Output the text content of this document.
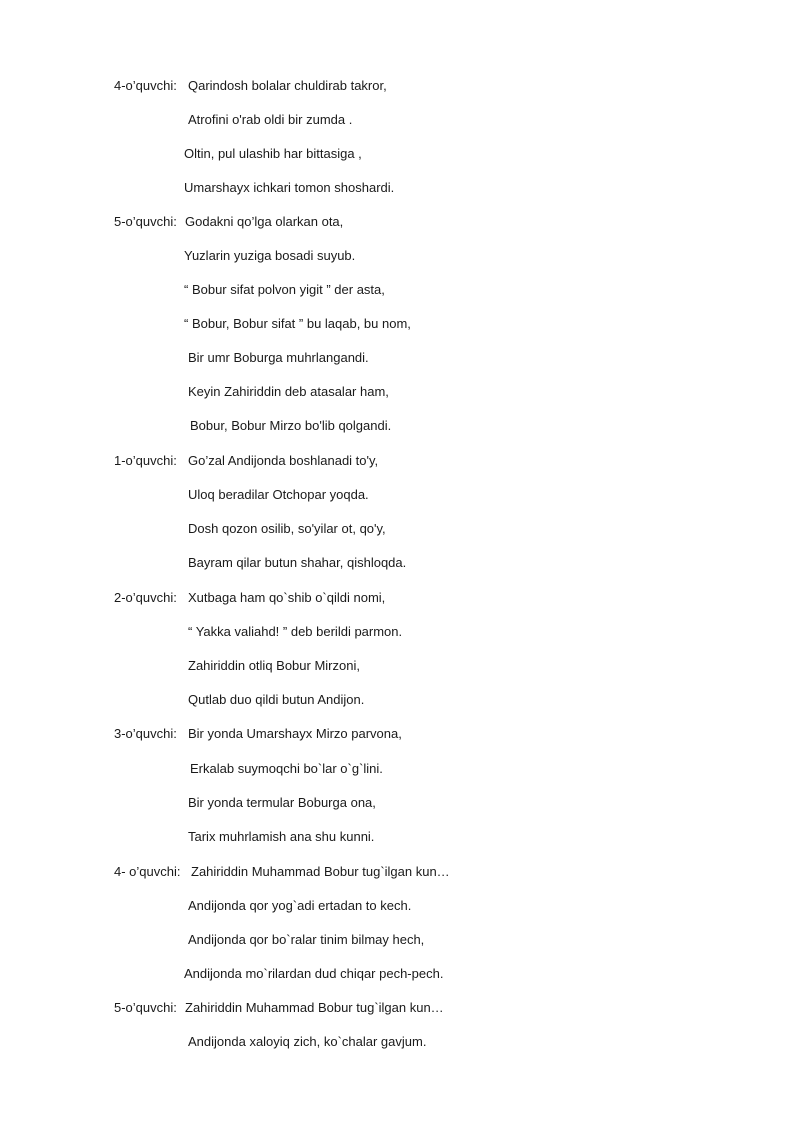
4-o’quvchi: Qarindosh bolalar chuldirab takror,
Atrofini o'rab oldi bir zumda .
Oltin, pul ulashib har bittasiga ,
Umarshayx ichkari tomon shoshardi.
5-o’quvchi: Godakni qo’lga olarkan ota,
Yuzlarin yuziga bosadi suyub.
“ Bobur sifat polvon yigit ” der asta,
“ Bobur, Bobur sifat ” bu laqab, bu nom,
Bir umr Boburga muhrlangandi.
Keyin Zahiriddin deb atasalar ham,
Bobur, Bobur Mirzo bo'lib qolgandi.
1-o’quvchi: Go’zal Andijonda boshlanadi to'y,
Uloq beradilar Otchopar yoqda.
Dosh qozon osilib, so'yilar ot, qo'y,
Bayram qilar butun shahar, qishloqda.
2-o’quvchi: Xutbaga ham qo`shib o`qildi nomi,
“ Yakka valiahd! ” deb berildi parmon.
Zahiriddin otliq Bobur Mirzoni,
Qutlab duo qildi butun Andijon.
3-o’quvchi: Bir yonda Umarshayx Mirzo parvona,
Erkalab suymoqchi bo`lar o`g`lini.
Bir yonda termular Boburga ona,
Tarix muhrlamish ana shu kunni.
4- o’quvchi: Zahiriddin Muhammad Bobur tug`ilgan kun…
Andijonda qor yog`adi ertadan to kech.
Andijonda qor bo`ralar tinim bilmay hech,
Andijonda mo`rilardan dud chiqar pech-pech.
5-o’quvchi: Zahiriddin Muhammad Bobur tug`ilgan kun…
Andijonda xaloyiq zich, ko`chalar gavjum.
